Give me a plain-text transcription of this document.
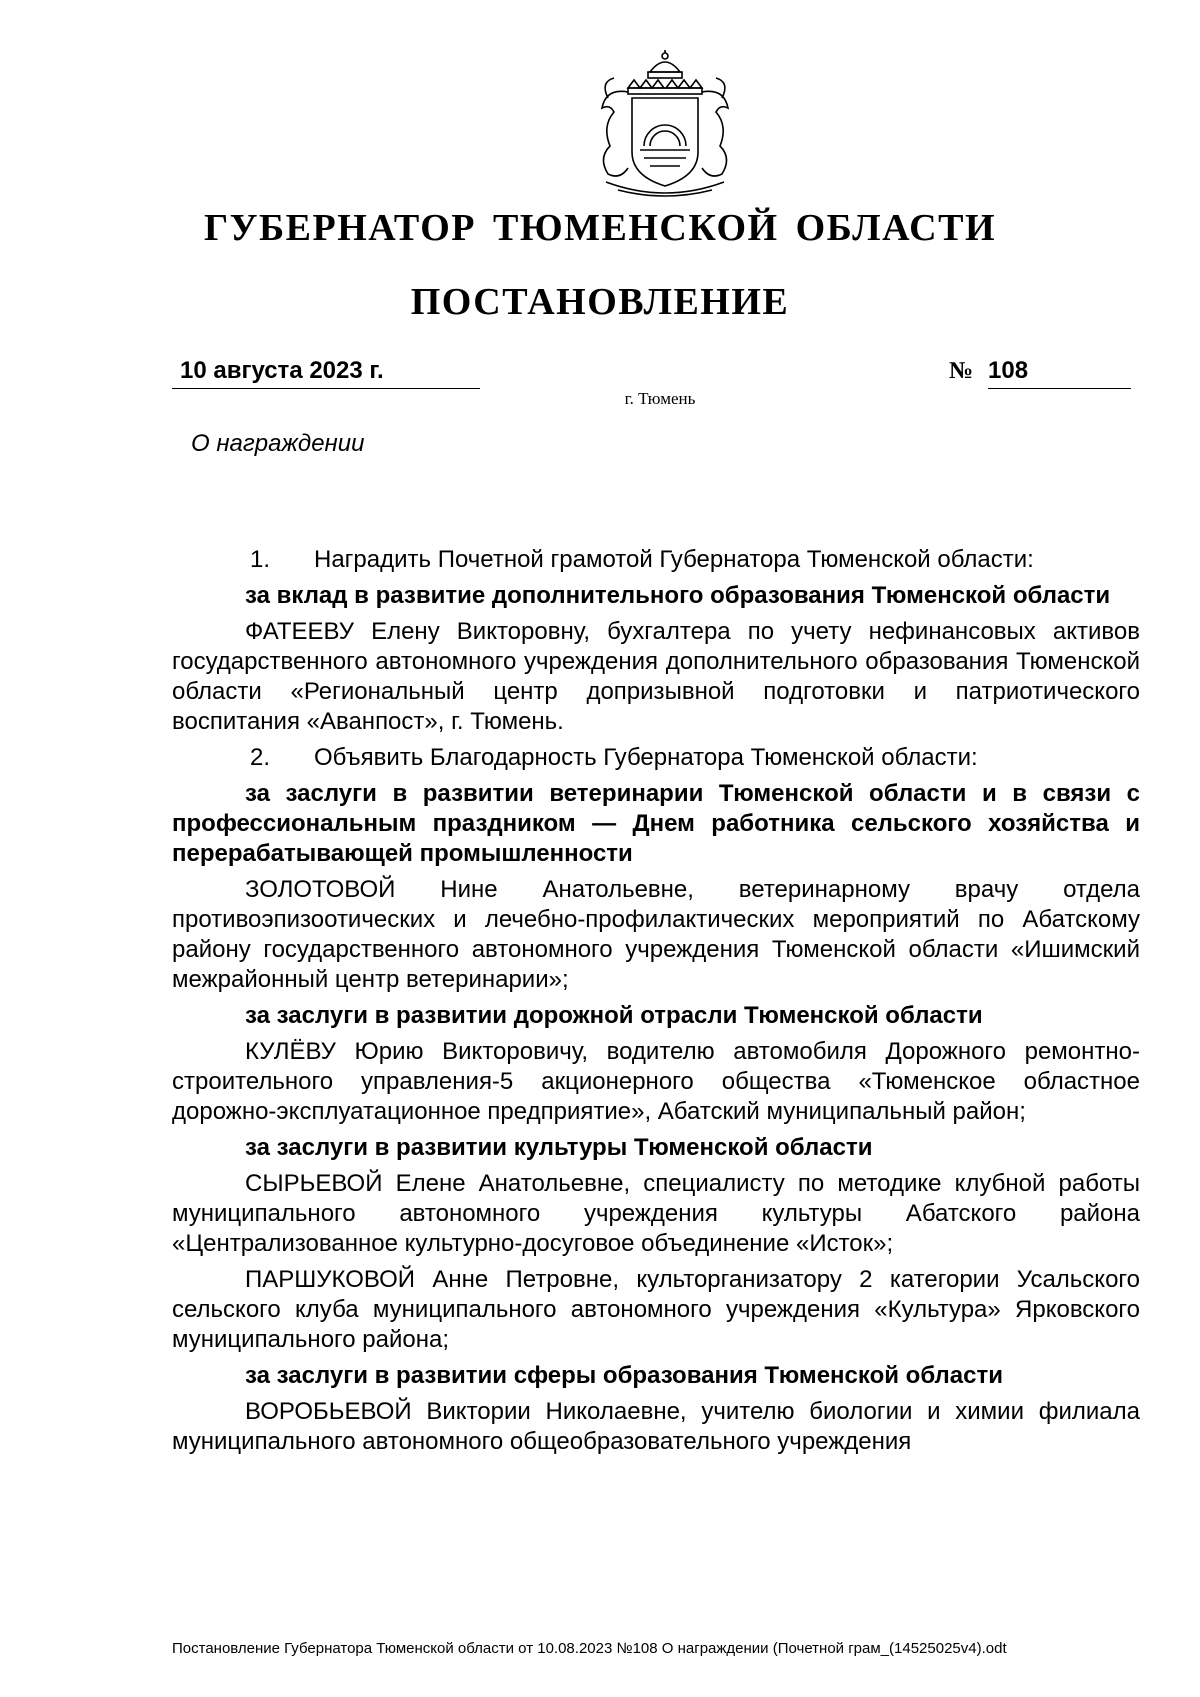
ГУБЕРНАТОР ТЮМЕНСКОЙ ОБЛАСТИ
ПОСТАНОВЛЕНИЕ
10 августа 2023 г.	№ 108
г. Тюмень
О награждении

1.	Наградить Почетной грамотой Губернатора Тюменской области:

за вклад в развитие дополнительного образования Тюменской области

ФАТЕЕВУ Елену Викторовну, бухгалтера по учету нефинансовых активов государственного автономного учреждения дополнительного образования Тюменской области «Региональный центр допризывной подготовки и патриотического воспитания «Аванпост», г. Тюмень.

2.	Объявить Благодарность Губернатора Тюменской области:

за заслуги в развитии ветеринарии Тюменской области и в связи с профессиональным праздником — Днем работника сельского хозяйства и перерабатывающей промышленности

ЗОЛОТОВОЙ Нине Анатольевне, ветеринарному врачу отдела противоэпизоотических и лечебно-профилактических мероприятий по Абатскому району государственного автономного учреждения Тюменской области «Ишимский межрайонный центр ветеринарии»;

за заслуги в развитии дорожной отрасли Тюменской области

КУЛЁВУ Юрию Викторовичу, водителю автомобиля Дорожного ремонтно-строительного управления-5 акционерного общества «Тюменское областное дорожно-эксплуатационное предприятие», Абатский муниципальный район;

за заслуги в развитии культуры Тюменской области

СЫРЬЕВОЙ Елене Анатольевне, специалисту по методике клубной работы муниципального автономного учреждения культуры Абатского района «Централизованное культурно-досуговое объединение «Исток»;

ПАРШУКОВОЙ Анне Петровне, культорганизатору 2 категории Усальского сельского клуба муниципального автономного учреждения «Культура» Ярковского муниципального района;

за заслуги в развитии сферы образования Тюменской области

ВОРОБЬЕВОЙ Виктории Николаевне, учителю биологии и химии филиала муниципального автономного общеобразовательного учреждения

Постановление Губернатора Тюменской области от 10.08.2023 №108 О награждении (Почетной грам_(14525025v4).odt
